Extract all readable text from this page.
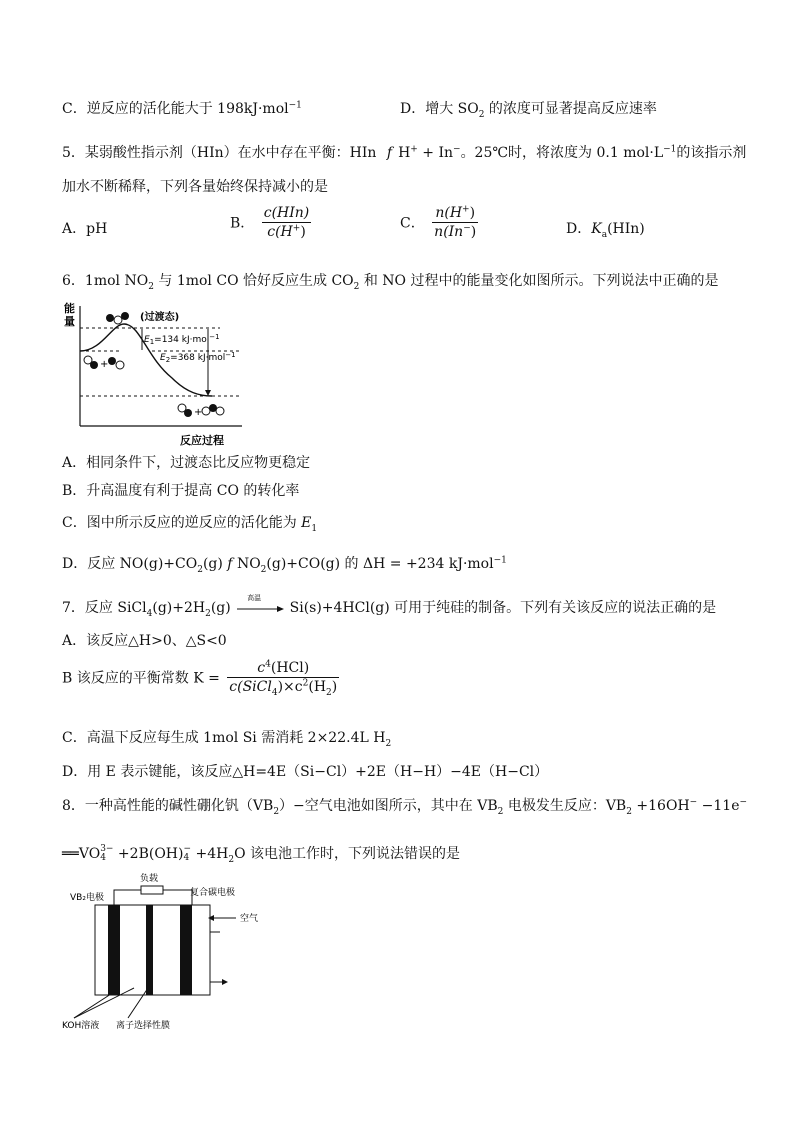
C．逆反应的活化能大于 198kJ·mol$^{-1}$	D．增大 $SO_2$ 的浓度可显著提高反应速率
5．某弱酸性指示剂（HIn）在水中存在平衡：HIn f H+ + In−。25℃时，将浓度为 0.1 $mol\cdot L^{-1}$的该指示剂
加水不断稀释，下列各量始终保持减小的是
A．pH	B． $\frac{\text{c(HIn)}}{c(H^+)}$	C． $\frac{n(H^+)}{n(In^-)}$	D．$K_a(HIn)$
6．1mol $NO_2$ 与 1mol CO 恰好反应生成 $CO_2$ 和 NO 过程中的能量变化如图所示。下列说法中正确的是
能
量	(过渡态)
+
$E_1=134$ kJ·mol$^{-1}$
$E_2=368$ kJ·mol$^{-1}$
+
反应过程
A．相同条件下，过渡态比反应物更稳定
B．升高温度有利于提高 CO 的转化率
C．图中所示反应的逆反应的活化能为 $E_1$
D．反应 $NO(g)+CO_2(g)$ f $NO_2(g)+CO(g)$ 的 ΔH = +234 kJ·mol$^{-1}$
7．反应 $SiCl_4(g)+2H_2(g)$
高温
Si(s)+4HCl(g) 可用于纯硅的制备。下列有关该反应的说法正确的是
A．该反应△H>0、△S<0
B 该反应的平衡常数 $K = \frac{c^4(HCl)}{c(SiCl_4)\times c^2(H_2)}$
C．高温下反应每生成 1mol Si 需消耗 2×22.4L $H_2$
D．用 E 表示键能，该反应△H=4E（Si−Cl）+2E（H−H）−4E（H−Cl）
8．一种高性能的碱性硼化钒$(VB_2)-$空气电池如图所示，其中在 $VB_2$ 电极发生反应：$VB_2 +16OH^- -11e^-$
══VO 3−
4 +2B(OH) −
$4 +4H_2O$ 该电池工作时，下列说法错误的是
负载
VB₂电极	复合碳电极
空气
KOH溶液 离子选择性膜
